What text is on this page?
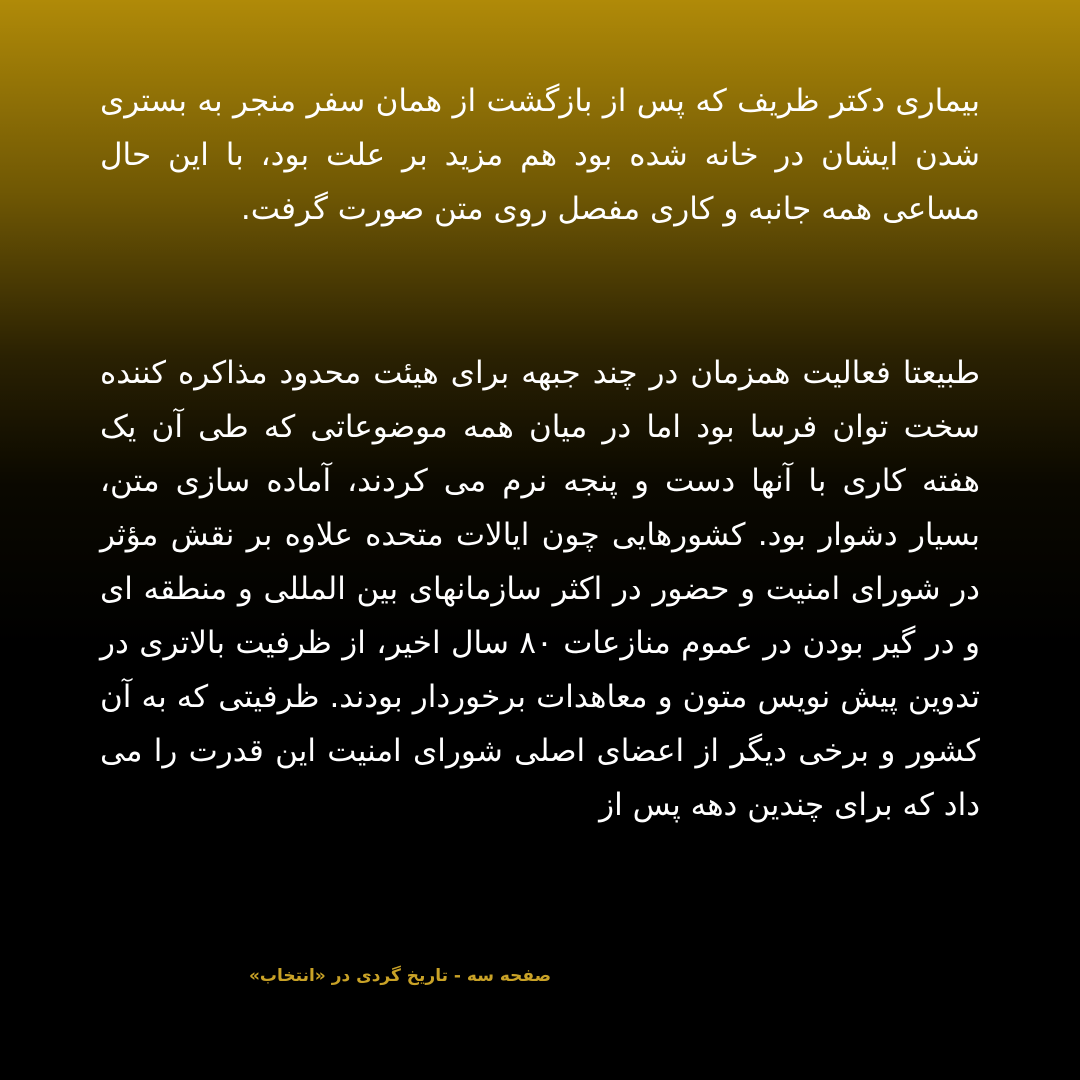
بیماری دکتر ظریف که پس از بازگشت از همان سفر منجر به بستری شدن ایشان در خانه شده بود هم مزید بر علت بود، با این حال مساعی همه جانبه و کاری مفصل روی متن صورت گرفت.

طبیعتا فعالیت همزمان در چند جبهه برای هیئت محدود مذاکره کننده سخت توان فرسا بود اما در میان همه موضوعاتی که طی آن یک هفته کاری با آنها دست و پنجه نرم می کردند، آماده سازی متن، بسیار دشوار بود. کشورهایی چون ایالات متحده علاوه بر نقش مؤثر در شورای امنیت و حضور در اکثر سازمانهای بین المللی و منطقه ای و در گیر بودن در عموم منازعات ۸۰ سال اخیر، از ظرفیت بالاتری در تدوین پیش نویس متون و معاهدات برخوردار بودند. ظرفیتی که به آن کشور و برخی دیگر از اعضای اصلی شورای امنیت این قدرت را می داد که برای چندین دهه پس از

صفحه سه - تاریخ گردی در «انتخاب»
